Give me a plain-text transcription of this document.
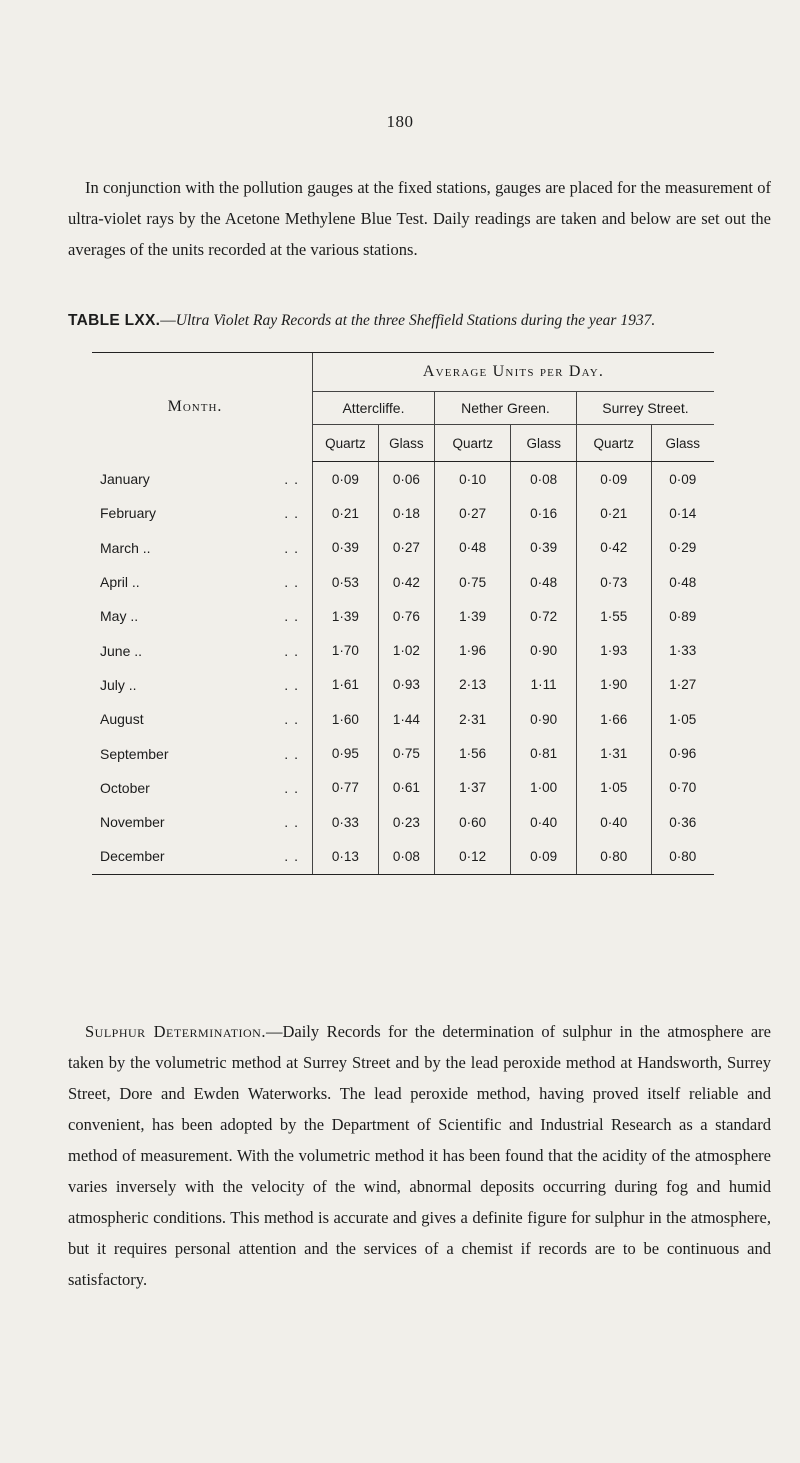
180

In conjunction with the pollution gauges at the fixed stations, gauges are placed for the measurement of ultra-violet rays by the Acetone Methylene Blue Test. Daily readings are taken and below are set out the averages of the units recorded at the various stations.

TABLE LXX.—Ultra Violet Ray Records at the three Sheffield Stations during the year 1937.
Month.	Average Units per Day.					
	Attercliffe.		Nether Green.		Surrey Street.	
	Quartz	Glass	Quartz	Glass	Quartz	Glass
January ..	0·09	0·06	0·10	0·08	0·09	0·09
February ..	0·21	0·18	0·27	0·16	0·21	0·14
March .. ..	0·39	0·27	0·48	0·39	0·42	0·29
April .. ..	0·53	0·42	0·75	0·48	0·73	0·48
May .. ..	1·39	0·76	1·39	0·72	1·55	0·89
June .. ..	1·70	1·02	1·96	0·90	1·93	1·33
July .. ..	1·61	0·93	2·13	1·11	1·90	1·27
August ..	1·60	1·44	2·31	0·90	1·66	1·05
September ..	0·95	0·75	1·56	0·81	1·31	0·96
October ..	0·77	0·61	1·37	1·00	1·05	0·70
November ..	0·33	0·23	0·60	0·40	0·40	0·36
December ..	0·13	0·08	0·12	0·09	0·80	0·80

Sulphur Determination.—Daily Records for the determination of sulphur in the atmosphere are taken by the volumetric method at Surrey Street and by the lead peroxide method at Handsworth, Surrey Street, Dore and Ewden Waterworks. The lead peroxide method, having proved itself reliable and convenient, has been adopted by the Department of Scientific and Industrial Research as a standard method of measurement. With the volumetric method it has been found that the acidity of the atmosphere varies inversely with the velocity of the wind, abnormal deposits occurring during fog and humid atmospheric conditions. This method is accurate and gives a definite figure for sulphur in the atmosphere, but it requires personal attention and the services of a chemist if records are to be continuous and satisfactory.
